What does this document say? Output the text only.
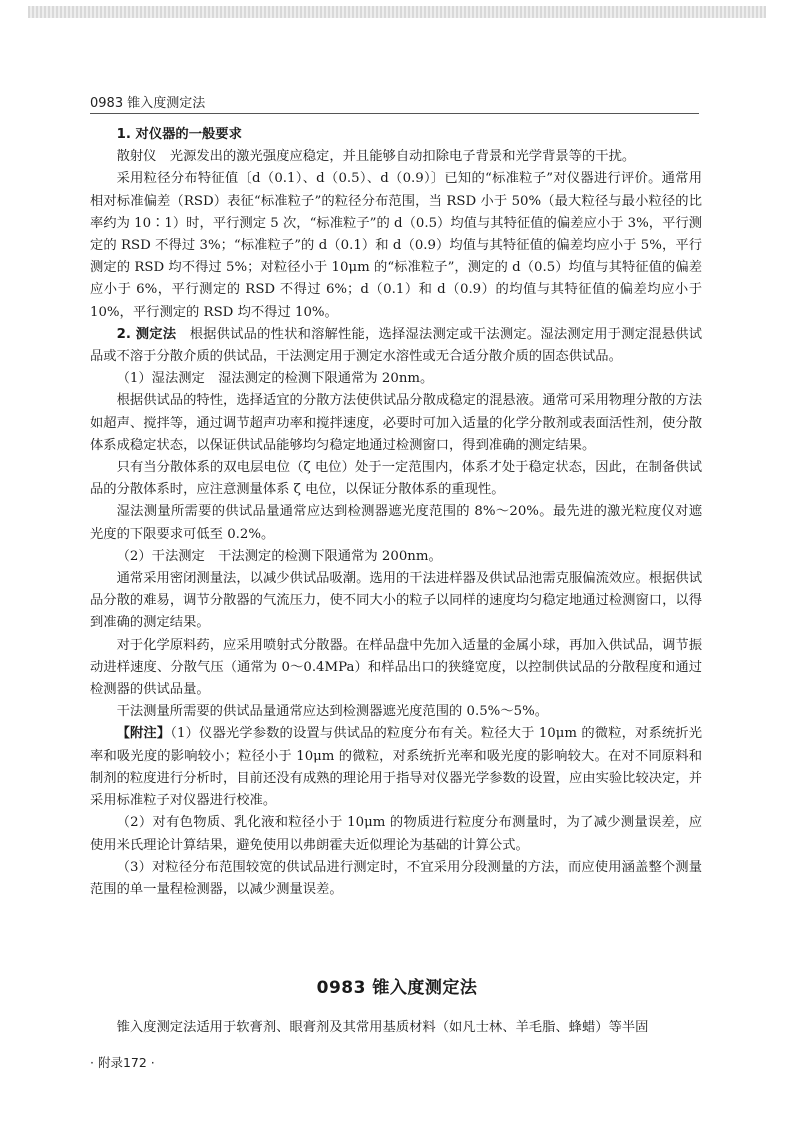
0983 锥入度测定法

1. 对仪器的一般要求

散射仪　光源发出的激光强度应稳定，并且能够自动扣除电子背景和光学背景等的干扰。

采用粒径分布特征值〔d（0.1）、d（0.5）、d（0.9）〕已知的“标准粒子”对仪器进行评价。通常用相对标准偏差（RSD）表征“标准粒子”的粒径分布范围，当 RSD 小于 50%（最大粒径与最小粒径的比率约为 10∶1）时，平行测定 5 次，“标准粒子”的 d（0.5）均值与其特征值的偏差应小于 3%，平行测定的 RSD 不得过 3%；“标准粒子”的 d（0.1）和 d（0.9）均值与其特征值的偏差均应小于 5%，平行测定的 RSD 均不得过 5%；对粒径小于 10μm 的“标准粒子”，测定的 d（0.5）均值与其特征值的偏差应小于 6%，平行测定的 RSD 不得过 6%；d（0.1）和 d（0.9）的均值与其特征值的偏差均应小于 10%，平行测定的 RSD 均不得过 10%。

2. 测定法　 根据供试品的性状和溶解性能，选择湿法测定或干法测定。湿法测定用于测定混悬供试品或不溶于分散介质的供试品，干法测定用于测定水溶性或无合适分散介质的固态供试品。

（1）湿法测定　湿法测定的检测下限通常为 20nm。

根据供试品的特性，选择适宜的分散方法使供试品分散成稳定的混悬液。通常可采用物理分散的方法如超声、搅拌等，通过调节超声功率和搅拌速度，必要时可加入适量的化学分散剂或表面活性剂，使分散体系成稳定状态，以保证供试品能够均匀稳定地通过检测窗口，得到准确的测定结果。

只有当分散体系的双电层电位（ζ 电位）处于一定范围内，体系才处于稳定状态，因此，在制备供试品的分散体系时，应注意测量体系 ζ 电位，以保证分散体系的重现性。

湿法测量所需要的供试品量通常应达到检测器遮光度范围的 8%～20%。最先进的激光粒度仪对遮光度的下限要求可低至 0.2%。

（2）干法测定　干法测定的检测下限通常为 200nm。

通常采用密闭测量法，以减少供试品吸潮。选用的干法进样器及供试品池需克服偏流效应。根据供试品分散的难易，调节分散器的气流压力，使不同大小的粒子以同样的速度均匀稳定地通过检测窗口，以得到准确的测定结果。

对于化学原料药，应采用喷射式分散器。在样品盘中先加入适量的金属小球，再加入供试品，调节振动进样速度、分散气压（通常为 0～0.4MPa）和样品出口的狭缝宽度，以控制供试品的分散程度和通过检测器的供试品量。

干法测量所需要的供试品量通常应达到检测器遮光度范围的 0.5%～5%。

【附注】（1）仪器光学参数的设置与供试品的粒度分布有关。粒径大于 10μm 的微粒，对系统折光率和吸光度的影响较小；粒径小于 10μm 的微粒，对系统折光率和吸光度的影响较大。在对不同原料和制剂的粒度进行分析时，目前还没有成熟的理论用于指导对仪器光学参数的设置，应由实验比较决定，并采用标准粒子对仪器进行校准。

（2）对有色物质、乳化液和粒径小于 10μm 的物质进行粒度分布测量时，为了减少测量误差，应使用米氏理论计算结果，避免使用以弗朗霍夫近似理论为基础的计算公式。

（3）对粒径分布范围较宽的供试品进行测定时，不宜采用分段测量的方法，而应使用涵盖整个测量范围的单一量程检测器，以减少测量误差。

0983 锥入度测定法

锥入度测定法适用于软膏剂、眼膏剂及其常用基质材料（如凡士林、羊毛脂、蜂蜡）等半固

· 附录172 ·
